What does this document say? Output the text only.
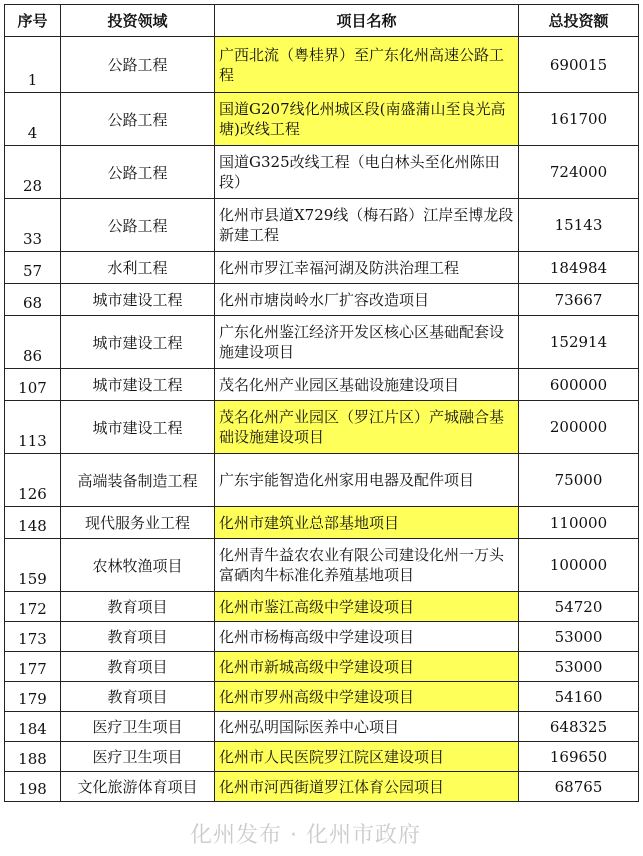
序号	投资领域	项目名称	总投资额
1	公路工程	广西北流（粤桂界）至广东化州高速公路工程	690015
4	公路工程	国道G207线化州城区段(南盛蒲山至良光高塘)改线工程	161700
28	公路工程	国道G325改线工程（电白林头至化州陈田段）	724000
33	公路工程	化州市县道X729线（梅石路）江岸至博龙段新建工程	15143
57	水利工程	化州市罗江幸福河湖及防洪治理工程	184984
68	城市建设工程	化州市塘岗岭水厂扩容改造项目	73667
86	城市建设工程	广东化州鉴江经济开发区核心区基础配套设施建设项目	152914
107	城市建设工程	茂名化州产业园区基础设施建设项目	600000
113	城市建设工程	茂名化州产业园区（罗江片区）产城融合基础设施建设项目	200000
126	高端装备制造工程	广东宇能智造化州家用电器及配件项目	75000
148	现代服务业工程	化州市建筑业总部基地项目	110000
159	农林牧渔项目	化州青牛益农农业有限公司建设化州一万头富硒肉牛标准化养殖基地项目	100000
172	教育项目	化州市鉴江高级中学建设项目	54720
173	教育项目	化州市杨梅高级中学建设项目	53000
177	教育项目	化州市新城高级中学建设项目	53000
179	教育项目	化州市罗州高级中学建设项目	54160
184	医疗卫生项目	化州弘明国际医养中心项目	648325
188	医疗卫生项目	化州市人民医院罗江院区建设项目	169650
198	文化旅游体育项目	化州市河西街道罗江体育公园项目	68765
化州发布 · 化州市政府
